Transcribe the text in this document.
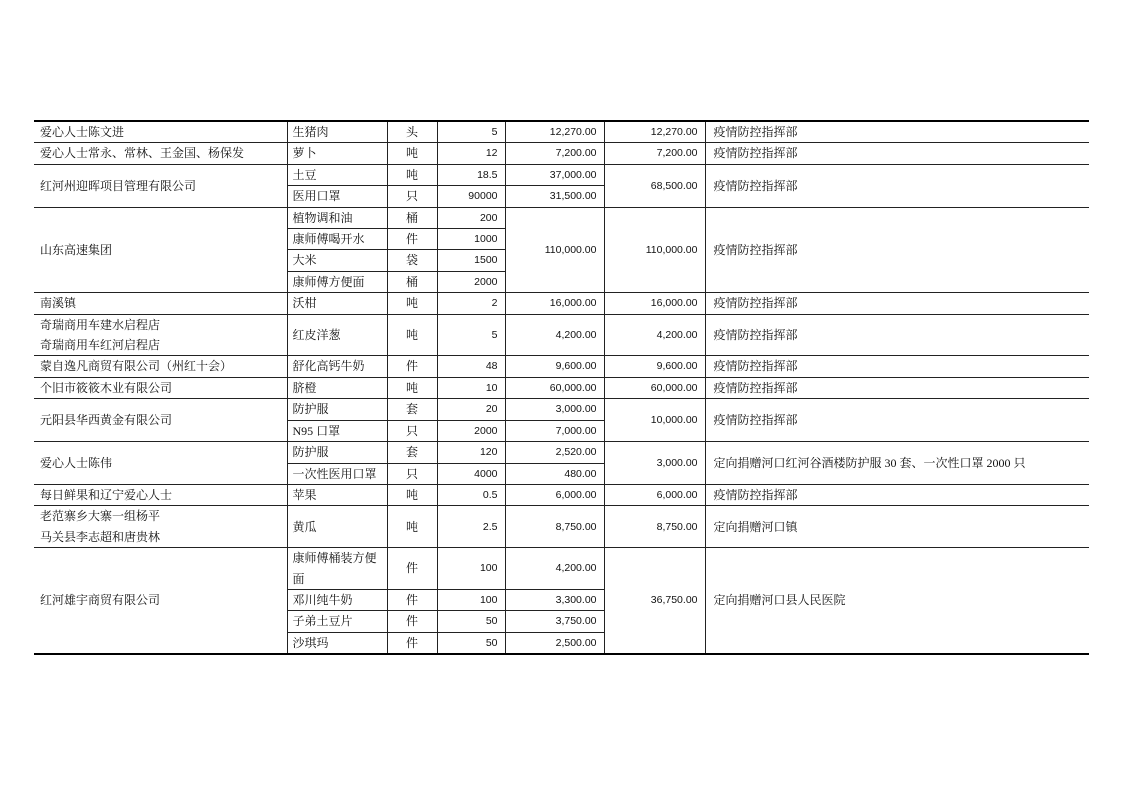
爱心人士陈文进	生猪肉	头	5	12,270.00	12,270.00	疫情防控指挥部

爱心人士常永、常林、王金国、杨保发	萝卜	吨	12	7,200.00	7,200.00	疫情防控指挥部

红河州迎晖项目管理有限公司	土豆	吨	18.5	37,000.00	68,500.00	疫情防控指挥部
	医用口罩	只	90000	31,500.00		

山东高速集团	植物调和油	桶	200	110,000.00	110,000.00	疫情防控指挥部
	康师傅喝开水	件	1000			
	大米	袋	1500			
	康师傅方便面	桶	2000			

南溪镇	沃柑	吨	2	16,000.00	16,000.00	疫情防控指挥部

奇瑞商用车建水启程店
奇瑞商用车红河启程店	红皮洋葱	吨	5	4,200.00	4,200.00	疫情防控指挥部

蒙自逸凡商贸有限公司（州红十会）	舒化高钙牛奶	件	48	9,600.00	9,600.00	疫情防控指挥部

个旧市筱筱木业有限公司	脐橙	吨	10	60,000.00	60,000.00	疫情防控指挥部

元阳县华西黄金有限公司	防护服	套	20	3,000.00	10,000.00	疫情防控指挥部
	N95 口罩	只	2000	7,000.00		

爱心人士陈伟	防护服	套	120	2,520.00	3,000.00	定向捐赠河口红河谷酒楼防护服 30 套、一次性口罩 2000 只
	一次性医用口罩	只	4000	480.00		

每日鲜果和辽宁爱心人士	苹果	吨	0.5	6,000.00	6,000.00	疫情防控指挥部

老范寨乡大寨一组杨平
马关县李志超和唐贵林	黄瓜	吨	2.5	8,750.00	8,750.00	定向捐赠河口镇

红河雄宇商贸有限公司	康师傅桶装方便面	件	100	4,200.00	36,750.00	定向捐赠河口县人民医院
	邓川纯牛奶	件	100	3,300.00		
	子弟土豆片	件	50	3,750.00		
	沙琪玛	件	50	2,500.00		
